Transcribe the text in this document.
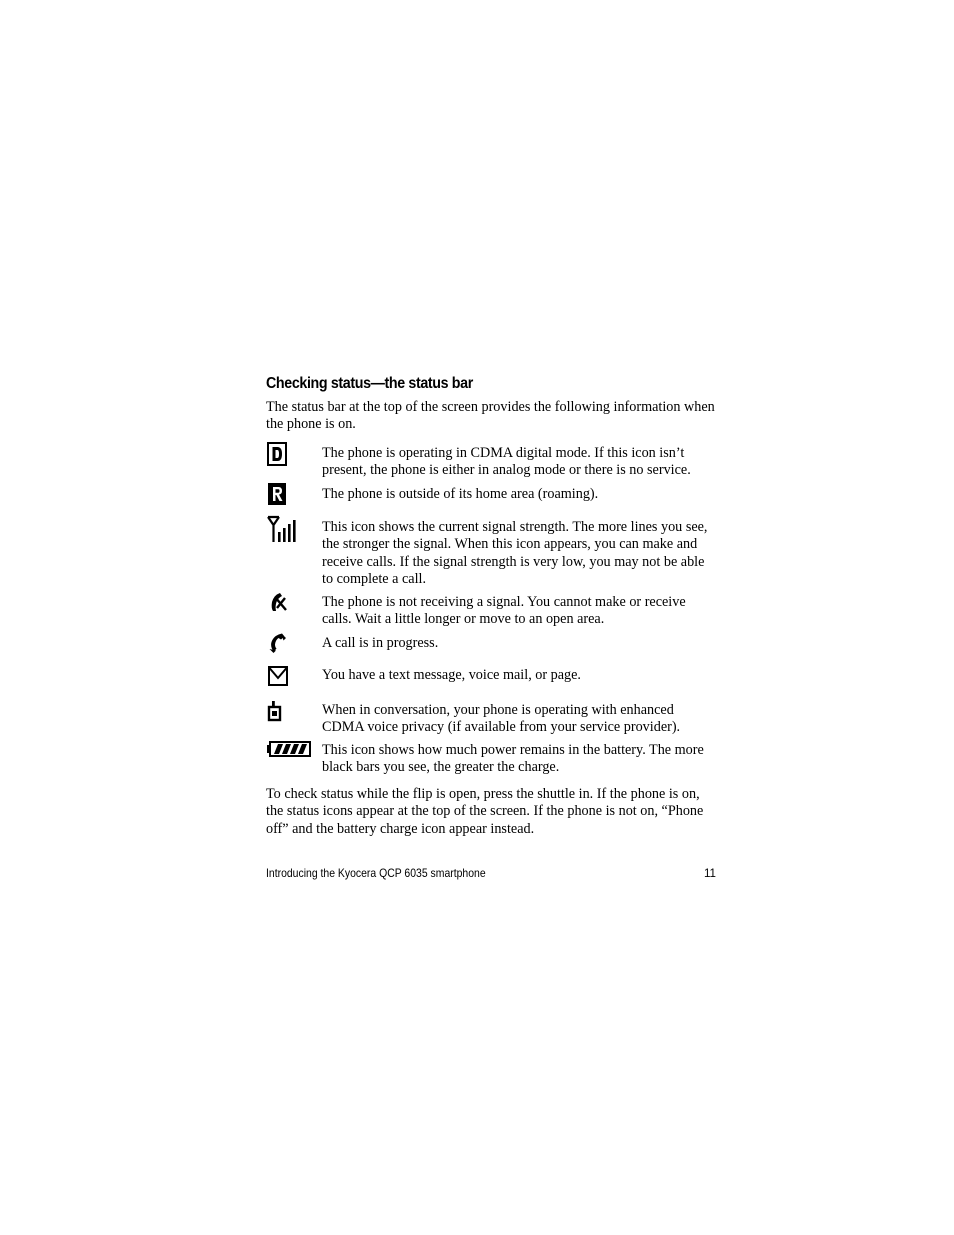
Checking status—the status bar

The status bar at the top of the screen provides the following information when the phone is on.

The phone is operating in CDMA digital mode. If this icon isn’t present, the phone is either in analog mode or there is no service.
The phone is outside of its home area (roaming).
This icon shows the current signal strength. The more lines you see, the stronger the signal. When this icon appears, you can make and receive calls. If the signal strength is very low, you may not be able to complete a call.
The phone is not receiving a signal. You cannot make or receive calls. Wait a little longer or move to an open area.
A call is in progress.
You have a text message, voice mail, or page.
When in conversation, your phone is operating with enhanced CDMA voice privacy (if available from your service provider).
This icon shows how much power remains in the battery. The more black bars you see, the greater the charge.

To check status while the flip is open, press the shuttle in. If the phone is on, the status icons appear at the top of the screen. If the phone is not on, “Phone off” and the battery charge icon appear instead.

Introducing the Kyocera QCP 6035 smartphone	11
